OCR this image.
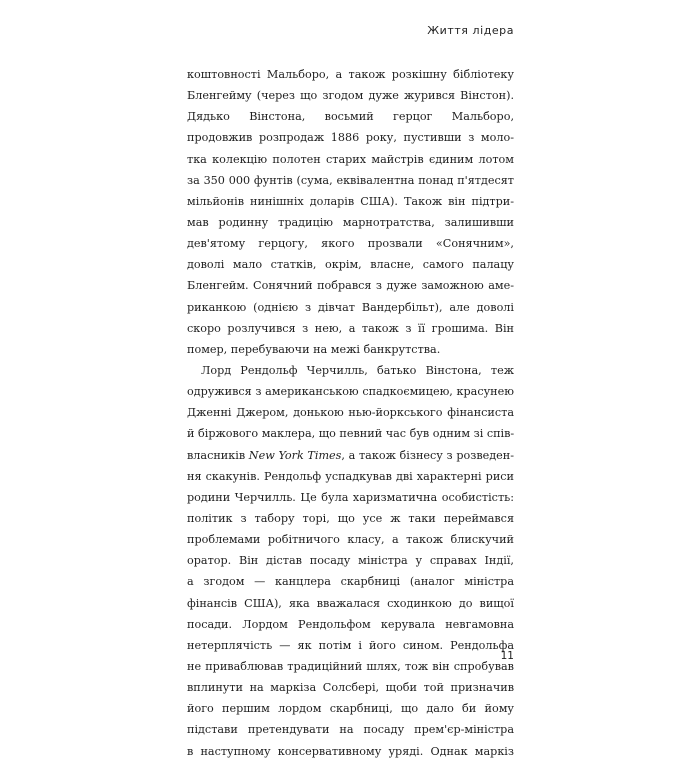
Життя лідера
коштовності Мальборо, а також розкішну бібліотеку
Бленгейму (через що згодом дуже журився Вінстон).
Дядько Вінстона, восьмий герцог Мальборо,
продовжив розпродаж 1886 року, пустивши з моло-
тка колекцію полотен старих майстрів єдиним лотом
за 350 000 фунтів (сума, еквівалентна понад п'ятдесят
мільйонів нинішніх доларів США). Також він підтри-
мав родинну традицію марнотратства, залишивши
дев'ятому герцогу, якого прозвали «Сонячним»,
доволі мало статків, окрім, власне, самого палацу
Бленгейм. Сонячний побрався з дуже заможною аме-
риканкою (однією з дівчат Вандербільт), але доволі
скоро розлучився з нею, а також з її грошима. Він
помер, перебуваючи на межі банкрутства.
Лорд Рендольф Черчилль, батько Вінстона, теж
одружився з американською спадкоємицею, красунею
Дженні Джером, донькою нью-йоркського фінансиста
й біржового маклера, що певний час був одним зі спів-
власників New York Times, а також бізнесу з розведен-
ня скакунів. Рендольф успадкував дві характерні риси
родини Черчилль. Це була харизматична особистість:
політик з табору торі, що усе ж таки переймався
проблемами робітничого класу, а також блискучий
оратор. Він дістав посаду міністра у справах Індії,
а згодом — канцлера скарбниці (аналог міністра
фінансів США), яка вважалася сходинкою до вищої
посади. Лордом Рендольфом керувала невгамовна
нетерплячість — як потім і його сином. Рендольфа
не приваблював традиційний шлях, тож він спробував
вплинути на маркіза Солсбері, щоби той призначив
його першим лордом скарбниці, що дало би йому
підстави претендувати на посаду прем'єр-міністра
в наступному консервативному уряді. Однак маркіз
11
